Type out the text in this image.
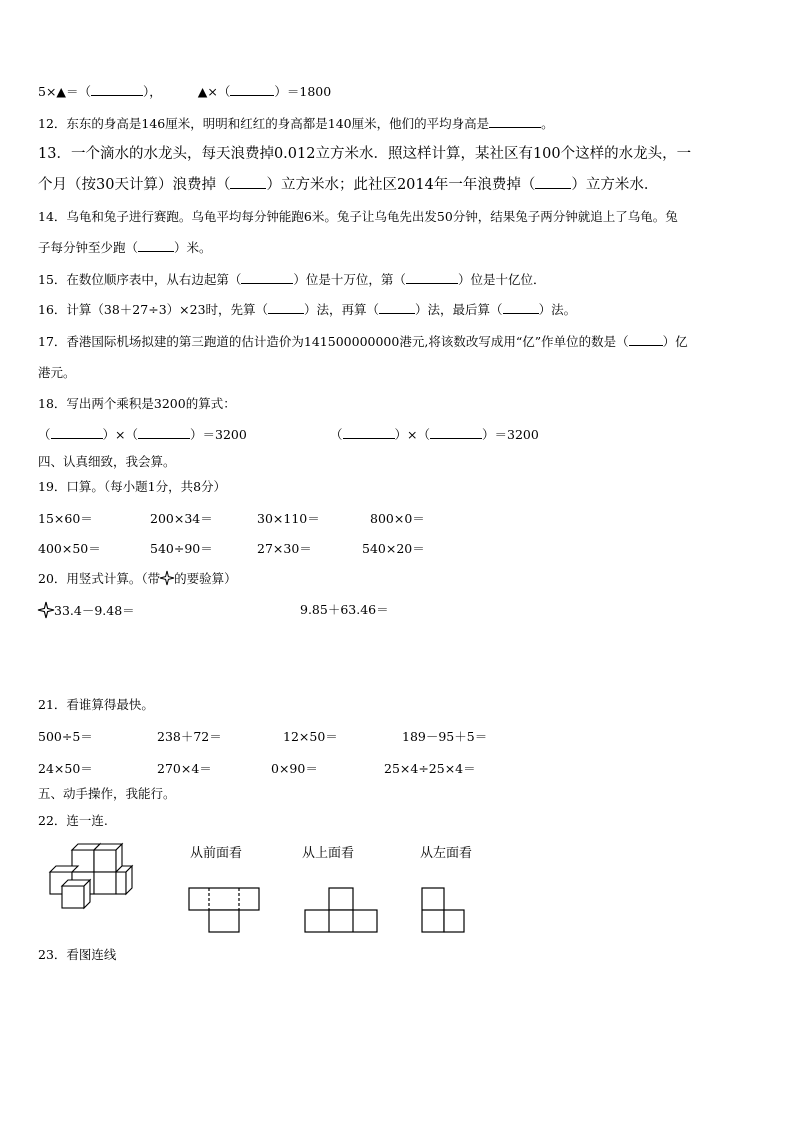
5×▲＝（	），	▲×（	）＝1800
12．东东的身高是146厘米，明明和红红的身高都是140厘米，他们的平均身高是	。
13．一个滴水的水龙头，每天浪费掉0.012立方米水．照这样计算，某社区有100个这样的水龙头，一
个月（按30天计算）浪费掉（ ）立方米水；此社区2014年一年浪费掉（ ）立方米水．
14．乌龟和兔子进行赛跑。乌龟平均每分钟能跑6米。兔子让乌龟先出发50分钟，结果兔子两分钟就追上了乌龟。兔
子每分钟至少跑（	）米。
15．在数位顺序表中，从右边起第（	）位是十万位，第（	）位是十亿位．
16．计算（38＋27÷3）×23时，先算（	）法，再算（	）法，最后算（	）法。
17．香港国际机场拟建的第三跑道的估计造价为141500000000港元,将该数改写成用“亿”作单位的数是（	）亿
港元。
18．写出两个乘积是3200的算式：
（	）×（	）＝3200	（	）×（	）＝3200
四、认真细致，我会算。
19．口算。（每小题1分，共8分）
15×60＝	200×34＝	30×110＝	800×0＝
400×50＝	540÷90＝	27×30＝	540×20＝
20．用竖式计算。（带 的要验算）
33.4－9.48＝	9.85＋63.46＝
21．看谁算得最快。
500÷5＝	238＋72＝	12×50＝	189－95＋5＝
24×50＝	270×4＝	0×90＝	25×4÷25×4＝
五、动手操作，我能行。
22．连一连.
从前面看	从上面看	从左面看
23．看图连线
